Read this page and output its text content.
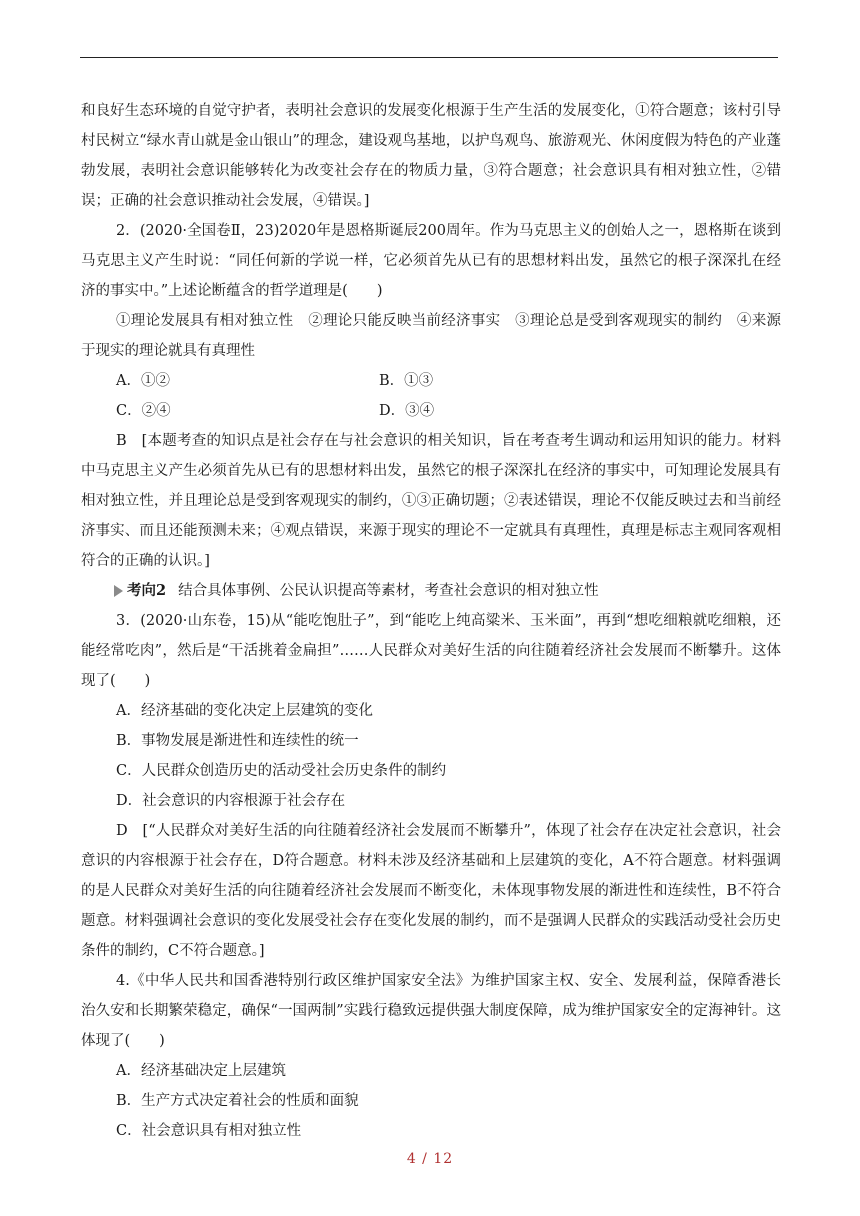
和良好生态环境的自觉守护者，表明社会意识的发展变化根源于生产生活的发展变化，①符合题意；该村引导村民树立“绿水青山就是金山银山”的理念，建设观鸟基地，以护鸟观鸟、旅游观光、休闲度假为特色的产业蓬勃发展，表明社会意识能够转化为改变社会存在的物质力量，③符合题意；社会意识具有相对独立性，②错误；正确的社会意识推动社会发展，④错误。]

2．(2020·全国卷Ⅱ，23)2020年是恩格斯诞辰200周年。作为马克思主义的创始人之一，恩格斯在谈到马克思主义产生时说：“同任何新的学说一样，它必须首先从已有的思想材料出发，虽然它的根子深深扎在经济的事实中。”上述论断蕴含的哲学道理是(　　)

①理论发展具有相对独立性　②理论只能反映当前经济事实　③理论总是受到客观现实的制约　④来源于现实的理论就具有真理性

A．①②	B．①③
C．②④	D．③④

B　[本题考查的知识点是社会存在与社会意识的相关知识，旨在考查考生调动和运用知识的能力。材料中马克思主义产生必须首先从已有的思想材料出发，虽然它的根子深深扎在经济的事实中，可知理论发展具有相对独立性，并且理论总是受到客观现实的制约，①③正确切题；②表述错误，理论不仅能反映过去和当前经济事实、而且还能预测未来；④观点错误，来源于现实的理论不一定就具有真理性，真理是标志主观同客观相符合的正确的认识。]

考向2 结合具体事例、公民认识提高等素材，考查社会意识的相对独立性

3．(2020·山东卷，15)从“能吃饱肚子”，到“能吃上纯高粱米、玉米面”，再到“想吃细粮就吃细粮，还能经常吃肉”，然后是“干活挑着金扁担”……人民群众对美好生活的向往随着经济社会发展而不断攀升。这体现了(　　)

A．经济基础的变化决定上层建筑的变化

B．事物发展是渐进性和连续性的统一

C．人民群众创造历史的活动受社会历史条件的制约

D．社会意识的内容根源于社会存在

D　[“人民群众对美好生活的向往随着经济社会发展而不断攀升”，体现了社会存在决定社会意识，社会意识的内容根源于社会存在，D符合题意。材料未涉及经济基础和上层建筑的变化，A不符合题意。材料强调的是人民群众对美好生活的向往随着经济社会发展而不断变化，未体现事物发展的渐进性和连续性，B不符合题意。材料强调社会意识的变化发展受社会存在变化发展的制约，而不是强调人民群众的实践活动受社会历史条件的制约，C不符合题意。]

4.《中华人民共和国香港特别行政区维护国家安全法》为维护国家主权、安全、发展利益，保障香港长治久安和长期繁荣稳定，确保“一国两制”实践行稳致远提供强大制度保障，成为维护国家安全的定海神针。这体现了(　　)

A．经济基础决定上层建筑

B．生产方式决定着社会的性质和面貌

C．社会意识具有相对独立性

4 / 12
